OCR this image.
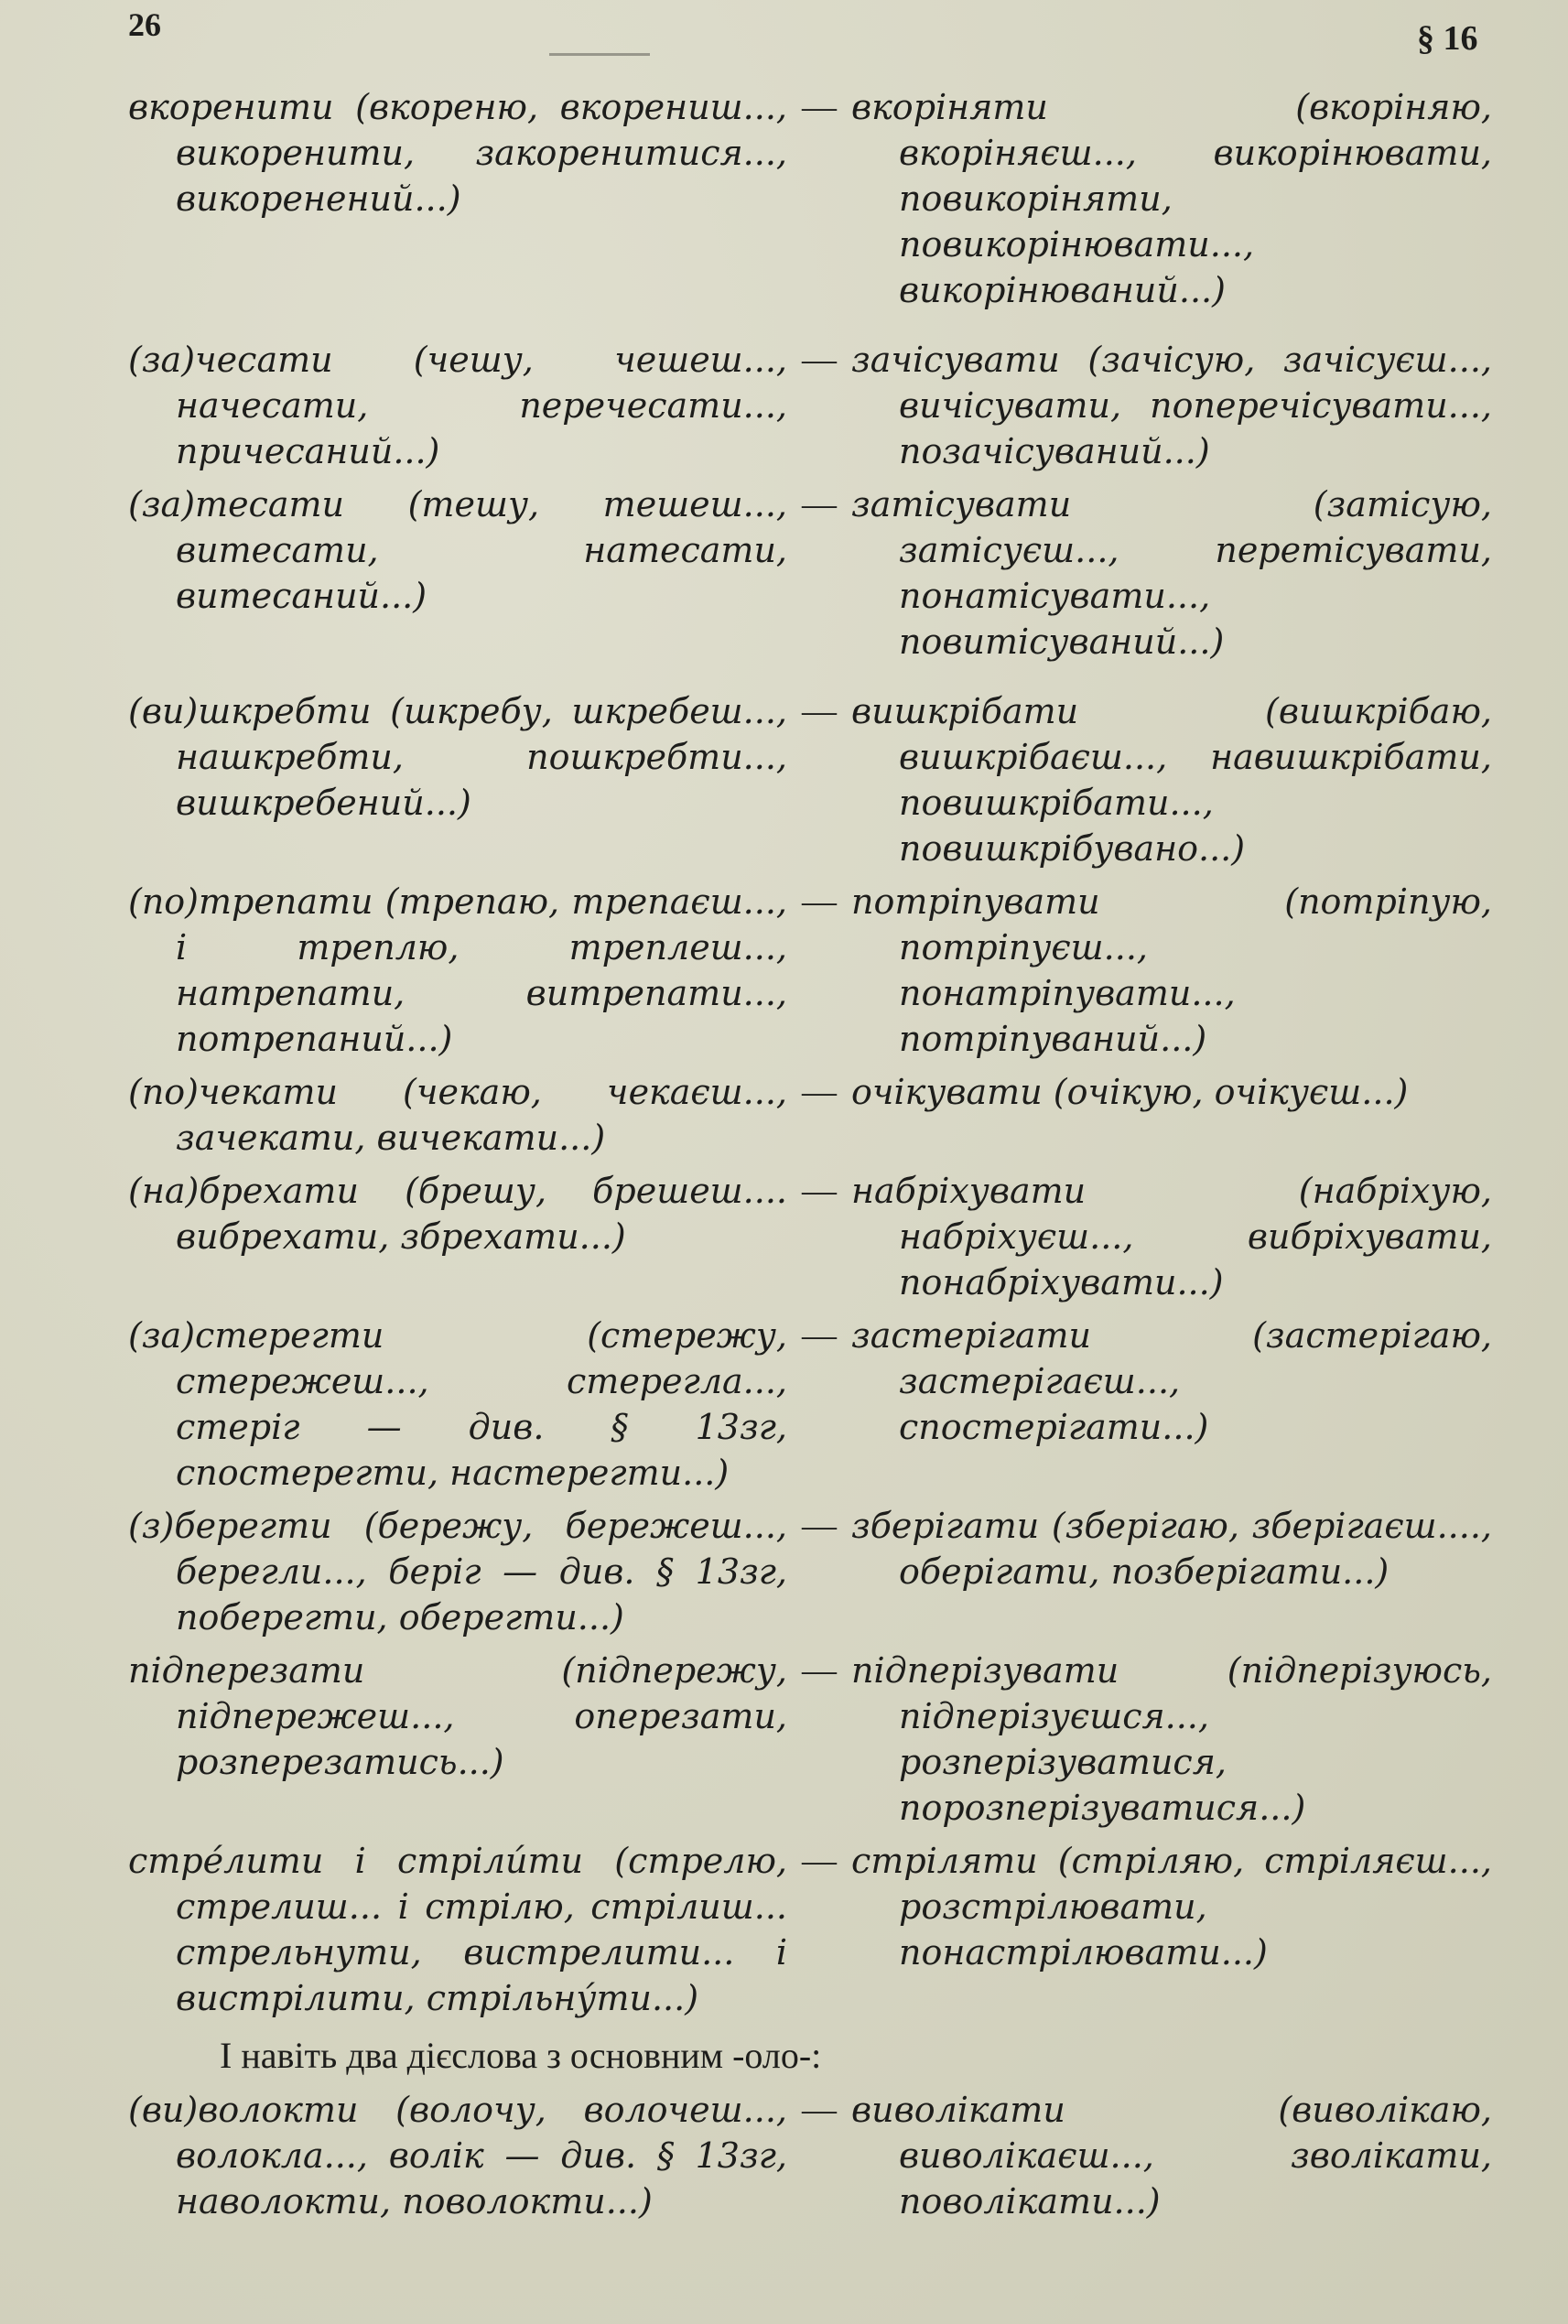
26	§ 16
вкоренити (вкореню, вкорениш..., викоренити, закоренитися..., викоренений...)
— вкоріняти (вкоріняю, вкоріняєш..., викорінювати, повикоріняти, повикорінювати..., викорінюваний...)
(за)чесати (чешу, чешеш..., начесати, перечесати..., причесаний...)
— зачісувати (зачісую, зачісуєш..., вичісувати, поперечісувати..., позачісуваний...)
(за)тесати (тешу, тешеш..., витесати, натесати, витесаний...)
— затісувати (затісую, затісуєш..., перетісувати, понатісувати..., повитісуваний...)
(ви)шкребти (шкребу, шкребеш..., нашкребти, пошкребти..., вишкребений...)
— вишкрібати (вишкрібаю, вишкрібаєш..., навишкрібати, повишкрібати..., повишкрібувано...)
(по)трепати (трепаю, трепаєш..., і треплю, треплеш..., натрепати, витрепати..., потрепаний...)
— потріпувати (потріпую, потріпуєш..., понатріпувати..., потріпуваний...)
(по)чекати (чекаю, чекаєш..., зачекати, вичекати...)
— очікувати (очікую, очікуєш...)
(на)брехати (брешу, брешеш.... вибрехати, збрехати...)
— набріхувати (набріхую, набріхуєш..., вибріхувати, понабріхувати...)
(за)стерегти (стережу, стережеш..., стерегла..., стеріг — див. § 13зг, спостерегти, настерегти...)
— застерігати (застерігаю, застерігаєш..., спостерігати...)
(з)берегти (бережу, бережеш..., берегли..., беріг — див. § 13зг, поберегти, оберегти...)
— зберігати (зберігаю, зберігаєш...., оберігати, позберігати...)
підперезати (підпережу, підпережеш..., оперезати, розперезатись...)
— підперізувати (підперізуюсь, підперізуєшся..., розперізуватися, порозперізуватися...)
стре́лити і стріли́ти (стрелю, стрелиш... і стрілю, стрілиш... стрельнути, вистрелити... і вистрілити, стрільну́ти...)
— стріляти (стріляю, стріляєш..., розстрілювати, понастрілювати...)
І навіть два дієслова з основним -оло-:
(ви)волокти (волочу, волочеш..., волокла..., волік — див. § 13зг, наволокти, поволокти...)
— виволікати (виволікаю, виволікаєш..., зволікати, поволікати...)
